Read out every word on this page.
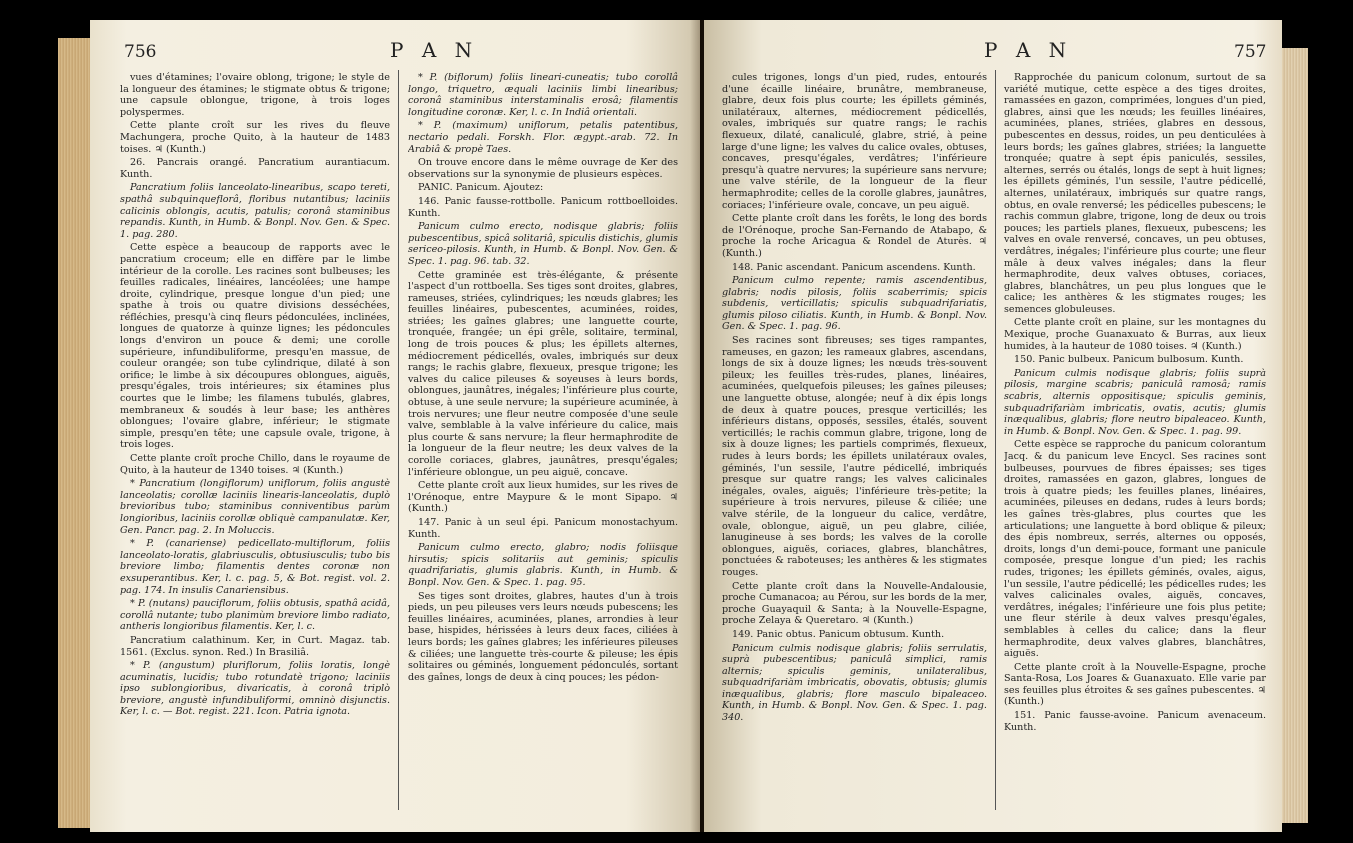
756	P A N

vues d'étamines; l'ovaire oblong, trigone; le style de la longueur des étamines; le stigmate obtus & trigone; une capsule oblongue, trigone, à trois loges polyspermes.

Cette plante croît sur les rives du fleuve Machungera, proche Quito, à la hauteur de 1483 toises. ♃ (Kunth.)

26. Pancrais orangé. Pancratium aurantiacum. Kunth.

Pancratium foliis lanceolato-linearibus, scapo tereti, spathâ subquinqueflorâ, floribus nutantibus; laciniis calicinis oblongis, acutis, patulis; coronâ staminibus repandis. Kunth, in Humb. & Bonpl. Nov. Gen. & Spec. 1. pag. 280.

Cette espèce a beaucoup de rapports avec le pancratium croceum; elle en diffère par le limbe intérieur de la corolle. Les racines sont bulbeuses; les feuilles radicales, linéaires, lancéolées; une hampe droite, cylindrique, presque longue d'un pied; une spathe à trois ou quatre divisions desséchées, réfléchies, presqu'à cinq fleurs pédonculées, inclinées, longues de quatorze à quinze lignes; les pédoncules longs d'environ un pouce & demi; une corolle supérieure, infundibuliforme, presqu'en massue, de couleur orangée; son tube cylindrique, dilaté à son orifice; le limbe à six découpures oblongues, aiguës, presqu'égales, trois intérieures; six étamines plus courtes que le limbe; les filamens tubulés, glabres, membraneux & soudés à leur base; les anthères oblongues; l'ovaire glabre, inférieur; le stigmate simple, presqu'en tête; une capsule ovale, trigone, à trois loges.

Cette plante croît proche Chillo, dans le royaume de Quito, à la hauteur de 1340 toises. ♃ (Kunth.)

* Pancratium (longiflorum) uniflorum, foliis angustè lanceolatis; corollæ laciniis linearis-lanceolatis, duplò brevioribus tubo; staminibus conniventibus parùm longioribus, laciniis corollæ obliquè campanulatæ. Ker, Gen. Pancr. pag. 2. In Moluccis.

* P. (canariense) pedicellato-multiflorum, foliis lanceolato-loratis, glabriusculis, obtusiusculis; tubo bis breviore limbo; filamentis dentes coronæ non exsuperantibus. Ker, l. c. pag. 5, & Bot. regist. vol. 2. pag. 174. In insulis Canariensibus.

* P. (nutans) pauciflorum, foliis obtusis, spathâ acidâ, corollâ nutante; tubo planimùm breviore limbo radiato, antheris longioribus filamentis. Ker, l. c.

Pancratium calathinum. Ker, in Curt. Magaz. tab. 1561. (Exclus. synon. Red.) In Brasiliâ.

* P. (angustum) pluriflorum, foliis loratis, longè acuminatis, lucidis; tubo rotundatè trigono; laciniis ipso sublongioribus, divaricatis, à coronâ triplò breviore, angustè infundibuliformi, omninò disjunctis. Ker, l. c. — Bot. regist. 221. Icon. Patria ignota.

* P. (biflorum) foliis lineari-cuneatis; tubo corollâ longo, triquetro, æquali laciniis limbi linearibus; coronâ staminibus interstaminalis erosâ; filamentis longitudine coronæ. Ker, l. c. In Indiâ orientali.

* P. (maximum) uniflorum, petalis patentibus, nectario pedali. Forskh. Flor. ægypt.-arab. 72. In Arabiâ & propè Taes.

On trouve encore dans le même ouvrage de Ker des observations sur la synonymie de plusieurs espèces.

PANIC. Panicum. Ajoutez:

146. Panic fausse-rottbolle. Panicum rottboelloides. Kunth.

Panicum culmo erecto, nodisque glabris; foliis pubescentibus, spicâ solitariâ, spiculis distichis, glumis sericeo-pilosis. Kunth, in Humb. & Bonpl. Nov. Gen. & Spec. 1. pag. 96. tab. 32.

Cette graminée est très-élégante, & présente l'aspect d'un rottboella. Ses tiges sont droites, glabres, rameuses, striées, cylindriques; les nœuds glabres; les feuilles linéaires, pubescentes, acuminées, roides, striées; les gaînes glabres; une languette courte, tronquée, frangée; un épi grêle, solitaire, terminal, long de trois pouces & plus; les épillets alternes, médiocrement pédicellés, ovales, imbriqués sur deux rangs; le rachis glabre, flexueux, presque trigone; les valves du calice pileuses & soyeuses à leurs bords, oblongues, jaunâtres, inégales; l'inférieure plus courte, obtuse, à une seule nervure; la supérieure acuminée, à trois nervures; une fleur neutre composée d'une seule valve, semblable à la valve inférieure du calice, mais plus courte & sans nervure; la fleur hermaphrodite de la longueur de la fleur neutre; les deux valves de la corolle coriaces, glabres, jaunâtres, presqu'égales; l'inférieure oblongue, un peu aiguë, concave.

Cette plante croît aux lieux humides, sur les rives de l'Orénoque, entre Maypure & le mont Sipapo. ♃ (Kunth.)

147. Panic à un seul épi. Panicum monostachyum. Kunth.

Panicum culmo erecto, glabro; nodis foliisque hirsutis; spicis solitariis aut geminis; spiculis quadrifariatis, glumis glabris. Kunth, in Humb. & Bonpl. Nov. Gen. & Spec. 1. pag. 95.

Ses tiges sont droites, glabres, hautes d'un à trois pieds, un peu pileuses vers leurs nœuds pubescens; les feuilles linéaires, acuminées, planes, arrondies à leur base, hispides, hérissées à leurs deux faces, ciliées à leurs bords; les gaînes glabres; les inférieures pileuses & ciliées; une languette très-courte & pileuse; les épis solitaires ou géminés, longuement pédonculés, sortant des gaînes, longs de deux à cinq pouces; les pédon-

P A N	757

cules trigones, longs d'un pied, rudes, entourés d'une écaille linéaire, brunâtre, membraneuse, glabre, deux fois plus courte; les épillets géminés, unilatéraux, alternes, médiocrement pédicellés, ovales, imbriqués sur quatre rangs; le rachis flexueux, dilaté, canaliculé, glabre, strié, à peine large d'une ligne; les valves du calice ovales, obtuses, concaves, presqu'égales, verdâtres; l'inférieure presqu'à quatre nervures; la supérieure sans nervure; une valve stérile, de la longueur de la fleur hermaphrodite; celles de la corolle glabres, jaunâtres, coriaces; l'inférieure ovale, concave, un peu aiguë.

Cette plante croît dans les forêts, le long des bords de l'Orénoque, proche San-Fernando de Atabapo, & proche la roche Aricagua & Rondel de Aturès. ♃ (Kunth.)

148. Panic ascendant. Panicum ascendens. Kunth.

Panicum culmo repente; ramis ascendentibus, glabris; nodis pilosis, foliis scaberrimis; spicis subdenis, verticillatis; spiculis subquadrifariatis, glumis piloso ciliatis. Kunth, in Humb. & Bonpl. Nov. Gen. & Spec. 1. pag. 96.

Ses racines sont fibreuses; ses tiges rampantes, rameuses, en gazon; les rameaux glabres, ascendans, longs de six à douze lignes; les nœuds très-souvent pileux; les feuilles très-rudes, planes, linéaires, acuminées, quelquefois pileuses; les gaînes pileuses; une languette obtuse, alongée; neuf à dix épis longs de deux à quatre pouces, presque verticillés; les inférieurs distans, opposés, sessiles, étalés, souvent verticillés; le rachis commun glabre, trigone, long de six à douze lignes; les partiels comprimés, flexueux, rudes à leurs bords; les épillets unilatéraux ovales, géminés, l'un sessile, l'autre pédicellé, imbriqués presque sur quatre rangs; les valves calicinales inégales, ovales, aiguës; l'inférieure très-petite; la supérieure à trois nervures, pileuse & ciliée; une valve stérile, de la longueur du calice, verdâtre, ovale, oblongue, aiguë, un peu glabre, ciliée, lanugineuse à ses bords; les valves de la corolle oblongues, aiguës, coriaces, glabres, blanchâtres, ponctuées & raboteuses; les anthères & les stigmates rouges.

Cette plante croît dans la Nouvelle-Andalousie, proche Cumanacoa; au Pérou, sur les bords de la mer, proche Guayaquil & Santa; à la Nouvelle-Espagne, proche Zelaya & Queretaro. ♃ (Kunth.)

149. Panic obtus. Panicum obtusum. Kunth.

Panicum culmis nodisque glabris; foliis serrulatis, suprà pubescentibus; paniculâ simplici, ramis alternis; spiculis geminis, unilateralibus, subquadrifariàm imbricatis, obovatis, obtusis; glumis inæqualibus, glabris; flore masculo bipaleaceo. Kunth, in Humb. & Bonpl. Nov. Gen. & Spec. 1. pag. 340.

Rapprochée du panicum colonum, surtout de sa variété mutique, cette espèce a des tiges droites, ramassées en gazon, comprimées, longues d'un pied, glabres, ainsi que les nœuds; les feuilles linéaires, acuminées, planes, striées, glabres en dessous, pubescentes en dessus, roides, un peu denticulées à leurs bords; les gaînes glabres, striées; la languette tronquée; quatre à sept épis paniculés, sessiles, alternes, serrés ou étalés, longs de sept à huit lignes; les épillets géminés, l'un sessile, l'autre pédicellé, alternes, unilatéraux, imbriqués sur quatre rangs, obtus, en ovale renversé; les pédicelles pubescens; le rachis commun glabre, trigone, long de deux ou trois pouces; les partiels planes, flexueux, pubescens; les valves en ovale renversé, concaves, un peu obtuses, verdâtres, inégales; l'inférieure plus courte; une fleur mâle à deux valves inégales; dans la fleur hermaphrodite, deux valves obtuses, coriaces, glabres, blanchâtres, un peu plus longues que le calice; les anthères & les stigmates rouges; les semences globuleuses.

Cette plante croît en plaine, sur les montagnes du Mexique, proche Guanaxuato & Burras, aux lieux humides, à la hauteur de 1080 toises. ♃ (Kunth.)

150. Panic bulbeux. Panicum bulbosum. Kunth.

Panicum culmis nodisque glabris; foliis suprà pilosis, margine scabris; paniculâ ramosâ; ramis scabris, alternis oppositisque; spiculis geminis, subquadrifariàm imbricatis, ovatis, acutis; glumis inæqualibus, glabris; flore neutro bipaleaceo. Kunth, in Humb. & Bonpl. Nov. Gen. & Spec. 1. pag. 99.

Cette espèce se rapproche du panicum colorantum Jacq. & du panicum leve Encycl. Ses racines sont bulbeuses, pourvues de fibres épaisses; ses tiges droites, ramassées en gazon, glabres, longues de trois à quatre pieds; les feuilles planes, linéaires, acuminées, pileuses en dedans, rudes à leurs bords; les gaînes très-glabres, plus courtes que les articulations; une languette à bord oblique & pileux; des épis nombreux, serrés, alternes ou opposés, droits, longs d'un demi-pouce, formant une panicule composée, presque longue d'un pied; les rachis rudes, trigones; les épillets géminés, ovales, aigus, l'un sessile, l'autre pédicellé; les pédicelles rudes; les valves calicinales ovales, aiguës, concaves, verdâtres, inégales; l'inférieure une fois plus petite; une fleur stérile à deux valves presqu'égales, semblables à celles du calice; dans la fleur hermaphrodite, deux valves glabres, blanchâtres, aiguës.

Cette plante croît à la Nouvelle-Espagne, proche Santa-Rosa, Los Joares & Guanaxuato. Elle varie par ses feuilles plus étroites & ses gaînes pubescentes. ♃ (Kunth.)

151. Panic fausse-avoine. Panicum avenaceum. Kunth.
